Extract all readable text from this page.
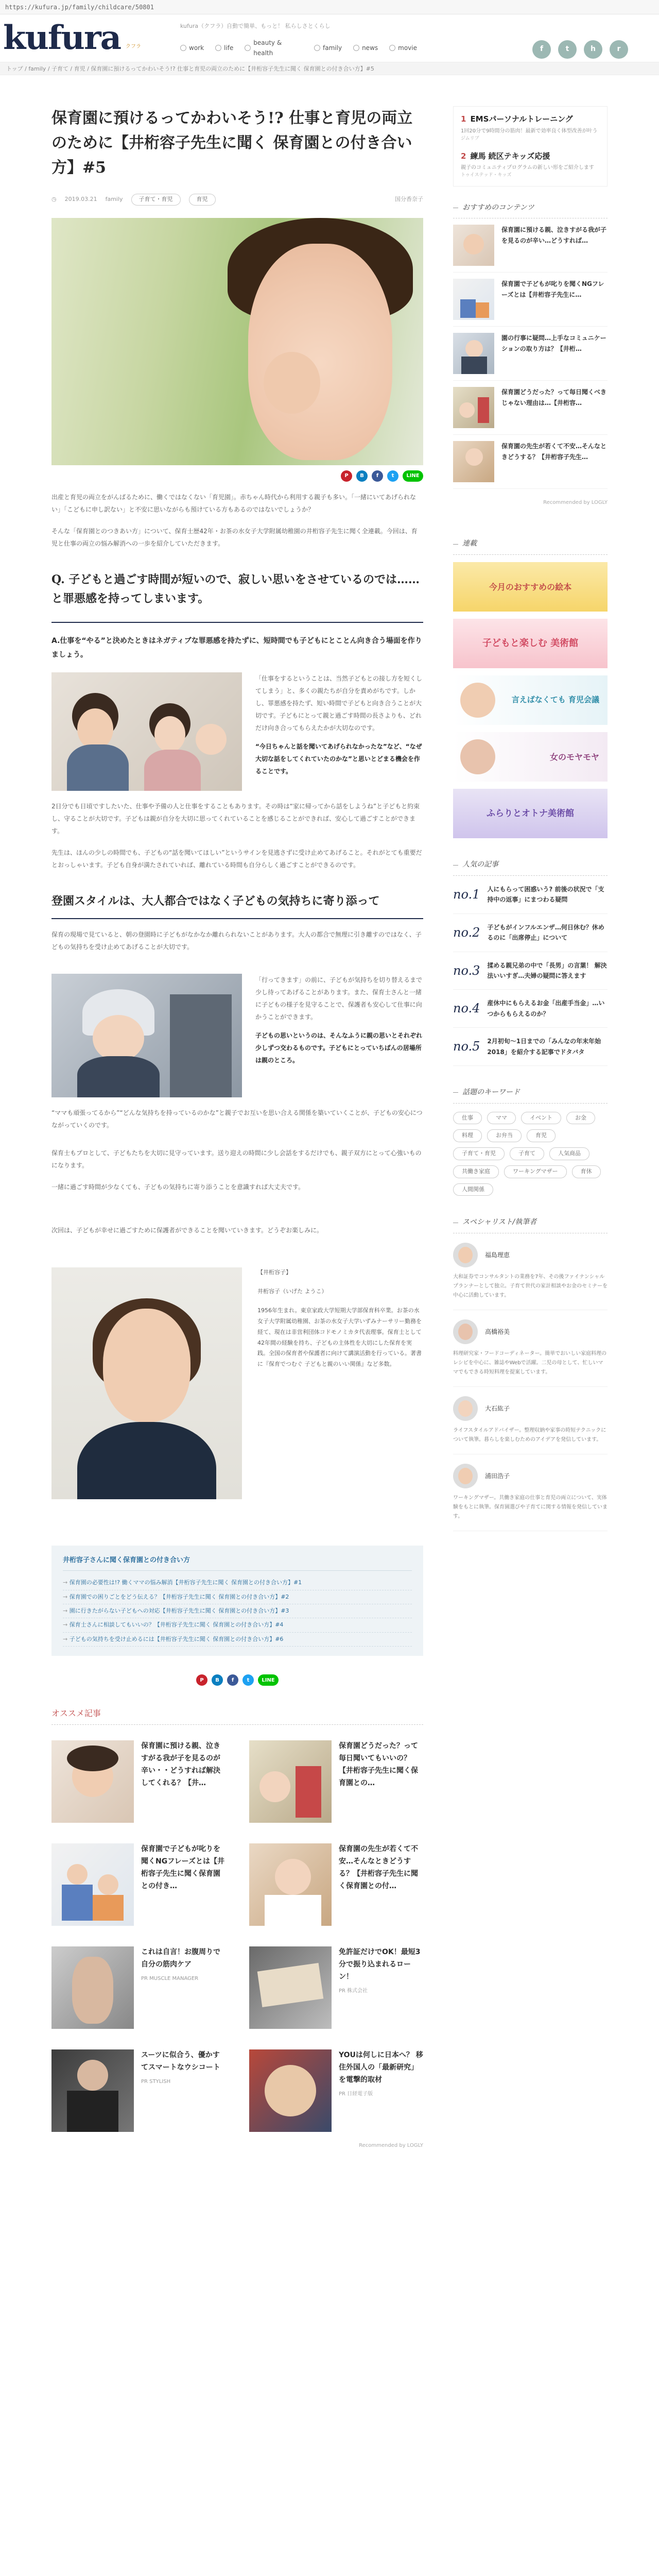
https://kufura.jp/family/childcare/50801
kufura クフラ
kufura（クフラ）自動で簡単、もっと！ 私らしさとくらし
work	life
beauty & health
family	news	movie	f	t	h	r
トップ / family / 子育て / 育児 / 保育園に預けるってかわいそう!? 仕事と育児の両立のために【井桁容子先生に聞く 保育園との付き合い方】#5
保育園に預けるってかわいそう!? 仕事と育児の両立のために【井桁容子先生に聞く 保育園との付き合い方】#5
◷ 2019.03.21 family	子育て・育児	育児	国分香奈子
P	B	f	t	LINE

出産と育児の両立をがんばるために、働くではなくない「育児園」。赤ちゃん時代から利用する親子も多い。「一緒にいてあげられない」「こどもに申し訳ない」と不安に思いながらも預けている方もあるのではないでしょうか？

そんな「保育園とのつきあい方」について、保育士歴42年・お茶の水女子大学附属幼稚園の井桁容子先生に聞く全連載。今回は、育児と仕事の両立の悩み解消への一歩を紹介していただきます。

Q. 子どもと過ごす時間が短いので、寂しい思いをさせているのでは……と罪悪感を持ってしまいます。
A.仕事を“やる”と決めたときはネガティブな罪悪感を持たずに、短時間でも子どもにとことん向き合う場面を作りましょう。

「仕事をするということは、当然子どもとの接し方を短くしてしまう」と、多くの親たちが自分を責めがちです。しかし、罪悪感を持たず、短い時間で子どもと向き合うことが大切です。子どもにとって親と過ごす時間の長さよりも、どれだけ向き合ってもらえたかが大切なのです。

“今日ちゃんと話を聞いてあげられなかったな”など、“なぜ大切な話をしてくれていたのかな”と思いとどまる機会を作ることです。

2日分でも日頃ですしたいた、仕事や予備の人と仕事をすることもあります。その時は“家に帰ってから話をしようね”と子どもと約束し、守ることが大切です。子どもは親が自分を大切に思ってくれていることを感じることができれば、安心して過ごすことができます。

先生は、ほんの少しの時間でも、子どもの“話を聞いてほしい”というサインを見逃さずに受け止めてあげること。それがとても重要だとおっしゃいます。子ども自身が満たされていれば、離れている時間も自分らしく過ごすことができるのです。

登園スタイルは、大人都合ではなく子どもの気持ちに寄り添って

保育の現場で見ていると、朝の登園時に子どもがなかなか離れられないことがあります。大人の都合で無理に引き離すのではなく、子どもの気持ちを受け止めてあげることが大切です。

「行ってきます」の前に、子どもが気持ちを切り替えるまで少し待ってあげることがあります。また、保育士さんと一緒に子どもの様子を見守ることで、保護者も安心して仕事に向かうことができます。

子どもの思いというのは、そんなふうに親の思いとそれぞれ少しずつ交わるものです。子どもにとっていちばんの居場所は親のところ。

“ママも頑張ってるから”“どんな気持ちを持っているのかな”と親子でお互いを思い合える関係を築いていくことが、子どもの安心につながっていくのです。

保育士もプロとして、子どもたちを大切に見守っています。送り迎えの時間に少し会話をするだけでも、親子双方にとって心強いものになります。

一緒に過ごす時間が少なくても、子どもの気持ちに寄り添うことを意識すれば大丈夫です。

次回は、子どもが幸せに過ごすために保護者ができることを聞いていきます。どうぞお楽しみに。

【井桁容子】

井桁容子（いげた ようこ）

1956年生まれ。東京家政大学短期大学部保育科卒業。お茶の水女子大学附属幼稚園、お茶の水女子大学いずみナーサリー勤務を経て、現在は非営利団体コドモノミカタ代表理事。保育士として42年間の経験を持ち、子どもの主体性を大切にした保育を実践。全国の保育者や保護者に向けて講演活動を行っている。著書に『保育でつむぐ 子どもと親のいい関係』など多数。

井桁容子さんに聞く保育園との付き合い方
→ 保育園の必要性は!? 働くママの悩み解消【井桁容子先生に聞く 保育園との付き合い方】#1
→ 保育園での困りごとをどう伝える？【井桁容子先生に聞く 保育園との付き合い方】#2
→ 園に行きたがらない子どもへの対応【井桁容子先生に聞く 保育園との付き合い方】#3
→ 保育士さんに相談してもいいの？【井桁容子先生に聞く 保育園との付き合い方】#4
→ 子どもの気持ちを受け止めるには【井桁容子先生に聞く 保育園との付き合い方】#6
P	B	f	t	LINE
オススメ記事
保育園に預ける親、泣きすがる我が子を見るのが辛い・・どうすれば解決してくれる？【井…
保育園どうだった？って毎日聞いてもいいの？【井桁容子先生に聞く保育園との…
保育園で子どもが叱りを聞くNGフレーズとは【井桁容子先生に聞く保育園との付き…
保育園の先生が若くて不安…そんなときどうする？【井桁容子先生に聞く保育園との付…
これは自言！お腹周りで自分の筋肉ケア
PR MUSCLE MANAGER
免許証だけでOK！最短3分で振り込まれるローン！
PR 株式会社
スーツに似合う、優かすてスマートなウシコート
PR STYLISH
YOUは何しに日本へ？ 移住外国人の「最新研究」を電撃的取材
PR 日経電子版
Recommended by LOGLY
1 EMSパーソナルトレーニング
1回20分で9時間分の筋肉！最新で効率良く体型改善が叶う
ジムリブ
2 練馬 続区テキッズ応援
親子のコミュニティプログラムの新しい形をご紹介します
トゥイステッド・キッズ
おすすめのコンテンツ
保育園に預ける親、泣きすがる我が子を見るのが辛い…どうすれば…
保育園で子どもが叱りを聞くNGフレーズとは【井桁容子先生に…
園の行事に疑問…上手なコミュニケーションの取り方は？【井桁…
保育園どうだった？って毎日聞くべきじゃない理由は…【井桁容…
保育園の先生が若くて不安…そんなときどうする？【井桁容子先生…
Recommended by LOGLY
連載
今月のおすすめの絵本
子どもと楽しむ 美術館
言えばなくても 育児会議
女のモヤモヤ
ふらりとオトナ美術館
人気の記事
no.1 人にもらって困惑いう? 前後の状況で「支持中の返事」にまつわる疑問
no.2 子どもがインフルエンザ…何日休む？休めるのに「出席停止」について
no.3 揉める親兄弟の中で「長男」の言葉！ 解決法いいすぎ…夫婦の疑問に答えます
no.4 産休中にもらえるお金「出産手当金」…いつからもらえるのか？
no.5 2月初旬〜1日までの「みんなの年末年始2018」を紹介する記事でドタバタ
話題のキーワード
仕事	ママ	イベント	お金
料理	お弁当	育児
子育て・育児	子育て	人気商品
共働き家庭	ワーキングマザー	育休
人間関係
スペシャリスト/執筆者
福島理恵
大和証券でコンサルタントの業務を7年、その後ファイナンシャルプランナーとして独立。子育て世代の家計相談やお金のセミナーを中心に活動しています。
高橋裕美
料理研究家・フードコーディネーター。簡単でおいしい家庭料理のレシピを中心に、雑誌やWebで活躍。二児の母として、忙しいママでもできる時短料理を提案しています。
大石紘子
ライフスタイルアドバイザー。整理収納や家事の時短テクニックについて執筆。暮らしを楽しむためのアイデアを発信しています。
浦田浩子
ワーキングマザー。共働き家庭の仕事と育児の両立について、実体験をもとに執筆。保育園選びや子育てに関する情報を発信しています。
